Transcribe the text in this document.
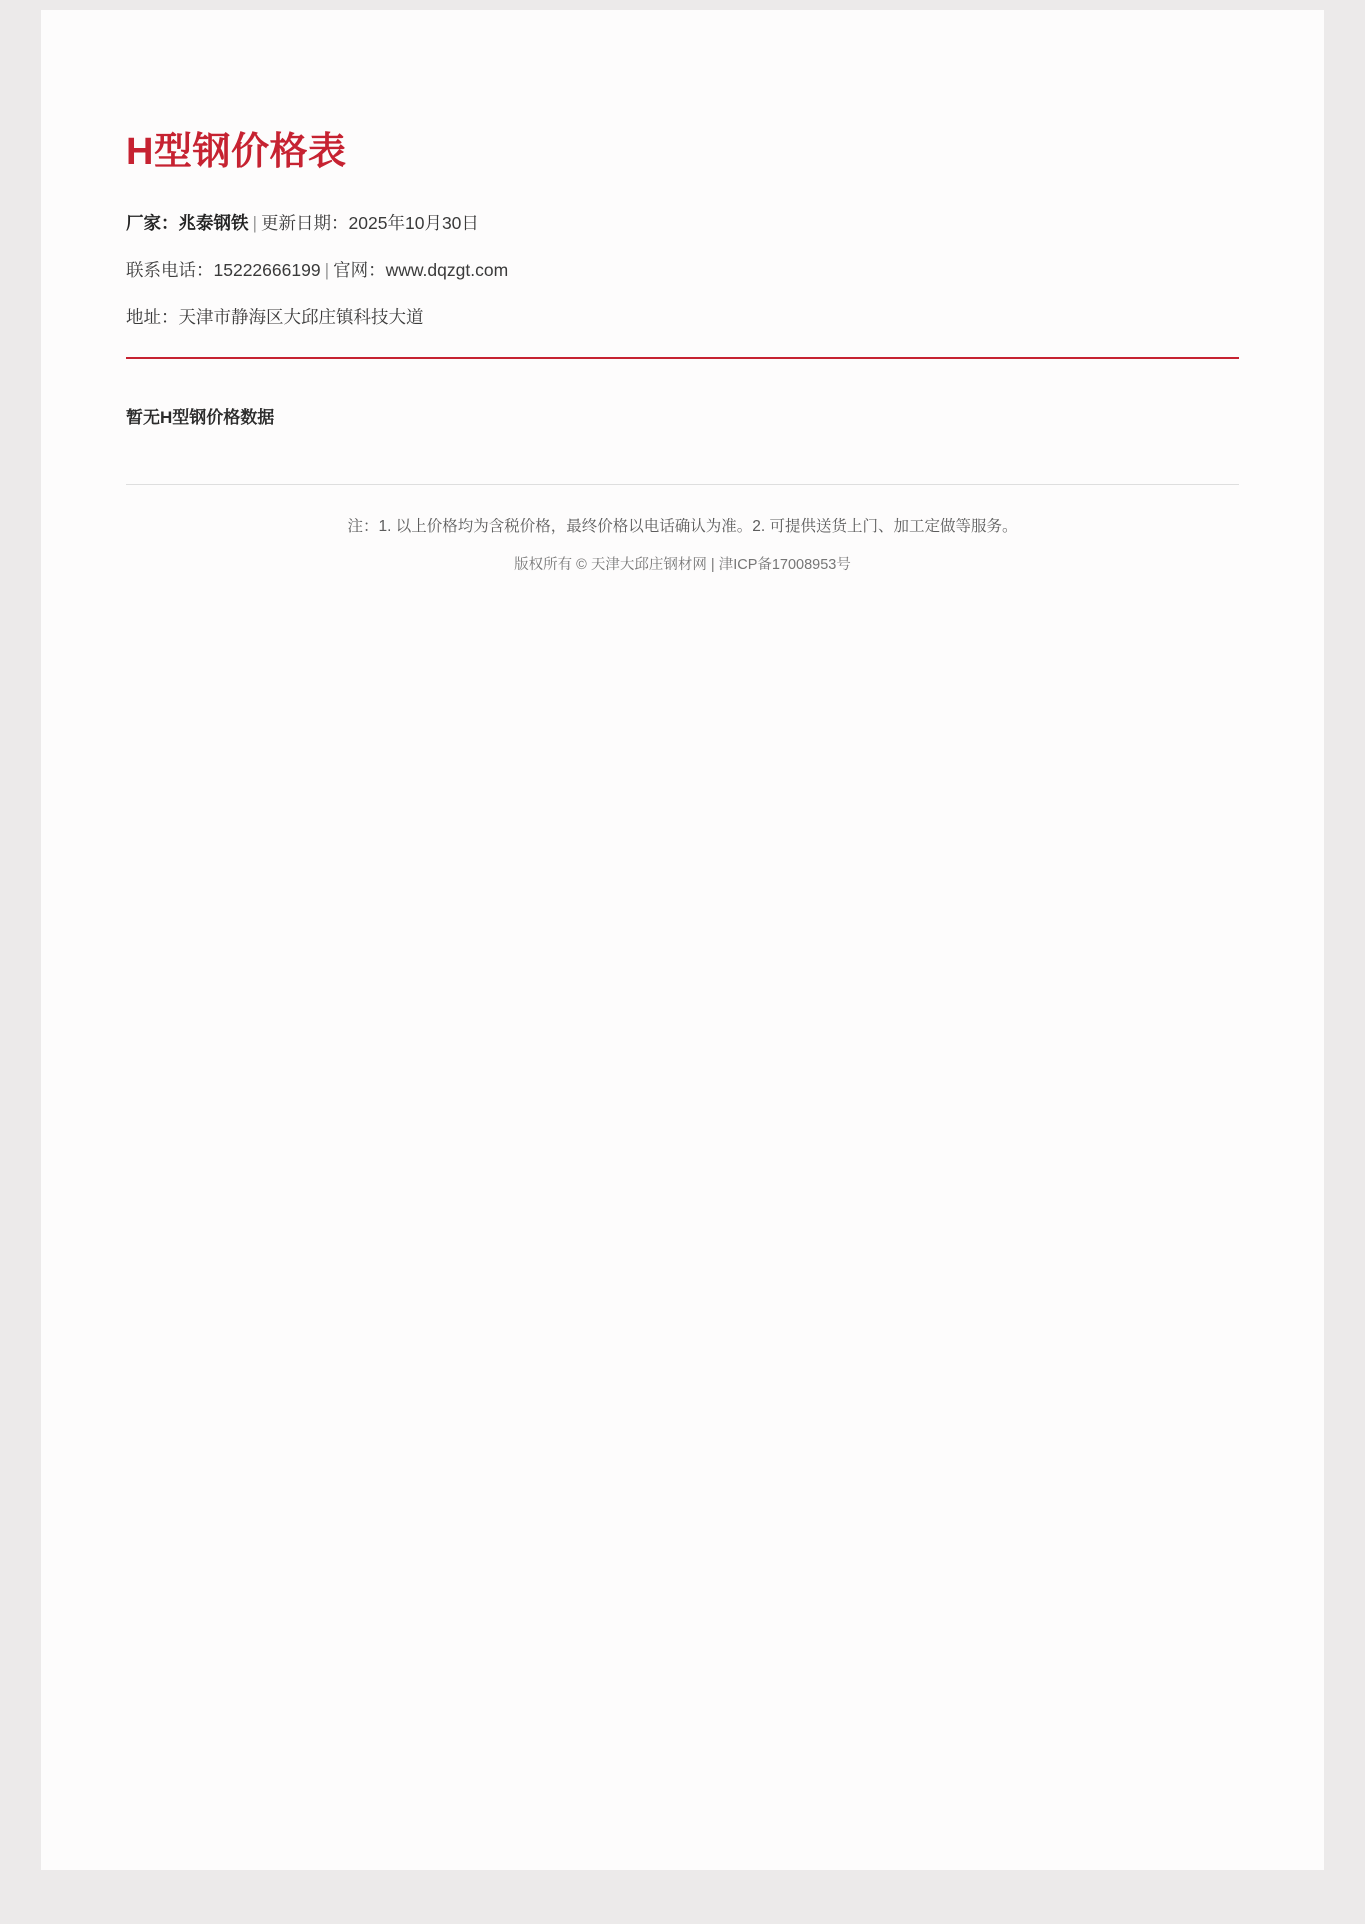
H型钢价格表
厂家：兆泰钢铁 | 更新日期：2025年10月30日
联系电话：15222666199 | 官网：www.dqzgt.com
地址：天津市静海区大邱庄镇科技大道
暂无H型钢价格数据
注：1. 以上价格均为含税价格，最终价格以电话确认为准。2. 可提供送货上门、加工定做等服务。
版权所有 © 天津大邱庄钢材网 | 津ICP备17008953号
